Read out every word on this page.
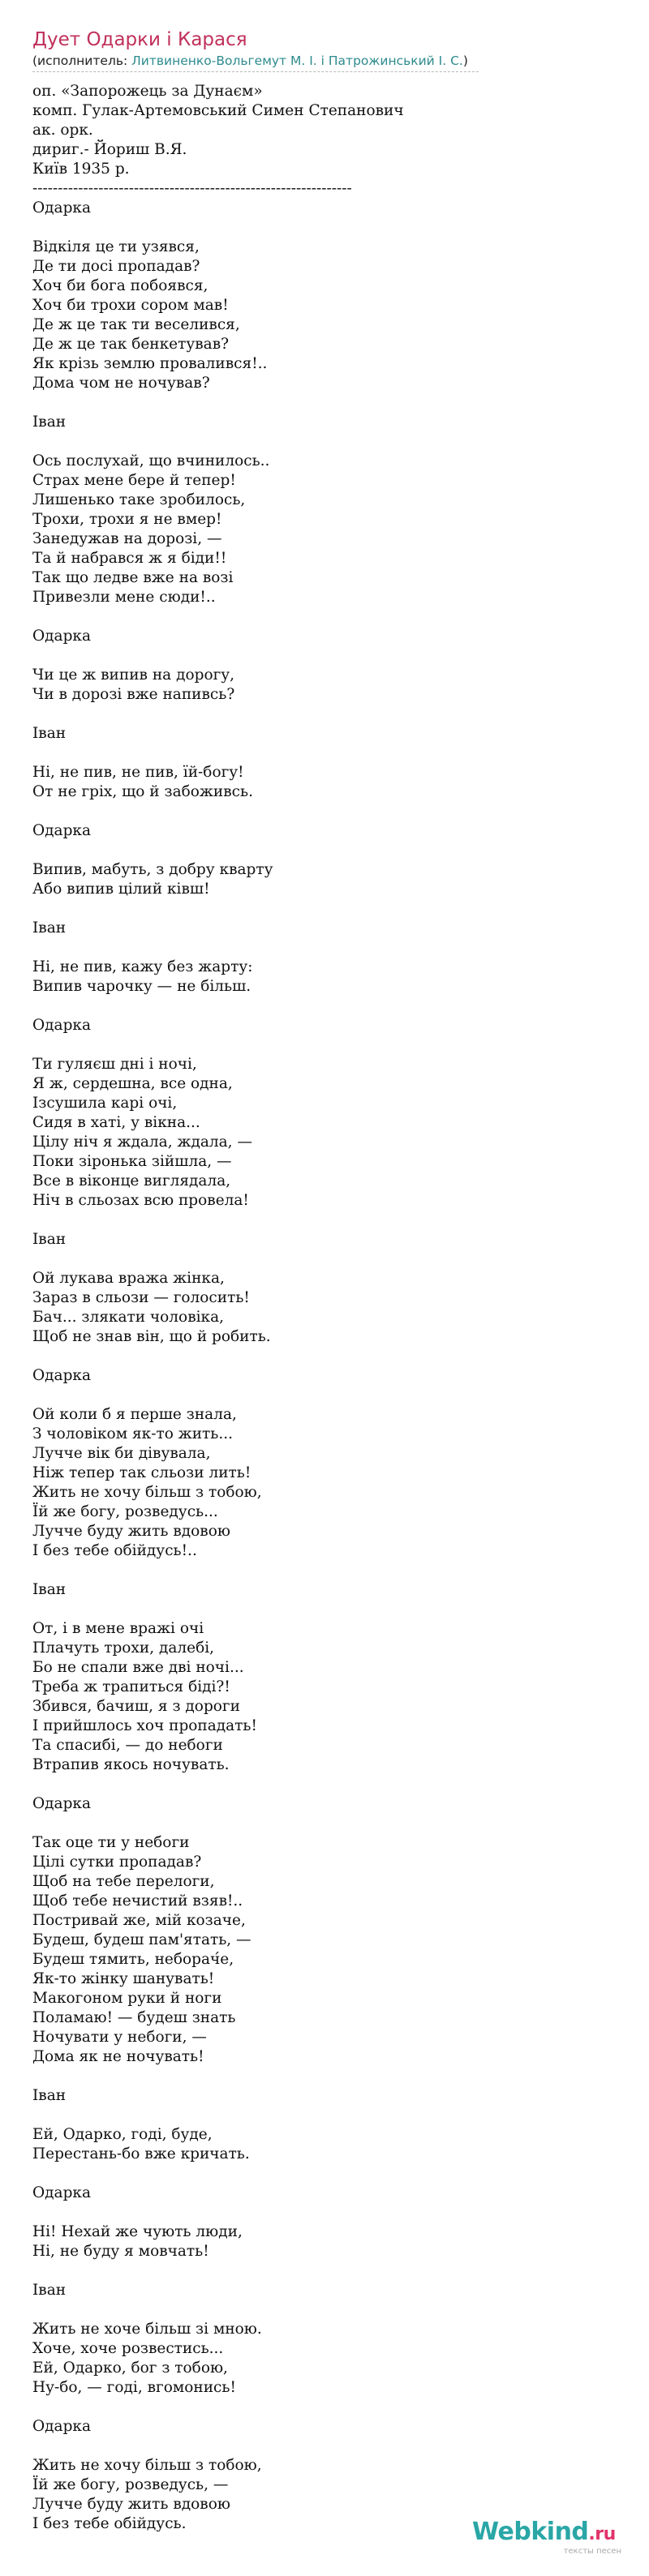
Дует Одарки і Карася
(исполнитель: Литвиненко-Вольгемут М. І. і Патрожинський І. С.)
оп. «Запорожець за Дунаєм»
комп. Гулак-Артемовський Симен Степанович
ак. орк.
дириг.- Йориш В.Я.
Київ 1935 р.
---------------------------------------------------------------
Одарка
Відкіля це ти узявся,
Де ти досі пропадав?
Хоч би бога побоявся,
Хоч би трохи сором мав!
Де ж це так ти веселився,
Де ж це так бенкетував?
Як крізь землю провалився!..
Дома чом не ночував?
Іван
Ось послухай, що вчинилось..
Страх мене бере й тепер!
Лишенько таке зробилось,
Трохи, трохи я не вмер!
Занедужав на дорозі, —
Та й набрався ж я біди!!
Так що ледве вже на возі
Привезли мене сюди!..
Одарка
Чи це ж випив на дорогу,
Чи в дорозі вже напивсь?
Іван
Ні, не пив, не пив, їй-богу!
От не гріх, що й забоживсь.
Одарка
Випив, мабуть, з добру кварту
Або випив цілий ківш!
Іван
Ні, не пив, кажу без жарту:
Випив чарочку — не більш.
Одарка
Ти гуляєш дні і ночі,
Я ж, сердешна, все одна,
Ізсушила карі очі,
Сидя в хаті, у вікна...
Цілу ніч я ждала, ждала, —
Поки зіронька зійшла, —
Все в віконце виглядала,
Ніч в сльозах всю провела!
Іван
Ой лукава вража жінка,
Зараз в сльози — голосить!
Бач... злякати чоловіка,
Щоб не знав він, що й робить.
Одарка
Ой коли б я перше знала,
З чоловіком як-то жить...
Лучче вік би дівувала,
Ніж тепер так сльози лить!
Жить не хочу більш з тобою,
Їй же богу, розведусь...
Лучче буду жить вдовою
І без тебе обійдусь!..
Іван
От, і в мене вражі очі
Плачуть трохи, далебі,
Бо не спали вже дві ночі...
Треба ж трапиться біді?!
Збився, бачиш, я з дороги
І прийшлось хоч пропадать!
Та спасибі, — до небоги
Втрапив якось ночувать.
Одарка
Так оце ти у небоги
Цілі сутки пропадав?
Щоб на тебе перелоги,
Щоб тебе нечистий взяв!..
Постривай же, мій козаче,
Будеш, будеш пам'ятать, —
Будеш тямить, неборач́е,
Як-то жінку шанувать!
Макогоном руки й ноги
Поламаю! — будеш знать
Ночувати у небоги, —
Дома як не ночувать!
Іван
Ей, Одарко, годі, буде,
Перестань-бо вже кричать.
Одарка
Ні! Нехай же чують люди,
Ні, не буду я мовчать!
Іван
Жить не хоче більш зі мною.
Хоче, хоче розвестись...
Ей, Одарко, бог з тобою,
Ну-бо, — годі, вгомонись!
Одарка
Жить не хочу більш з тобою,
Їй же богу, розведусь, —
Лучче буду жить вдовою
І без тебе обійдусь.	Webkind.ru
тексты песен
